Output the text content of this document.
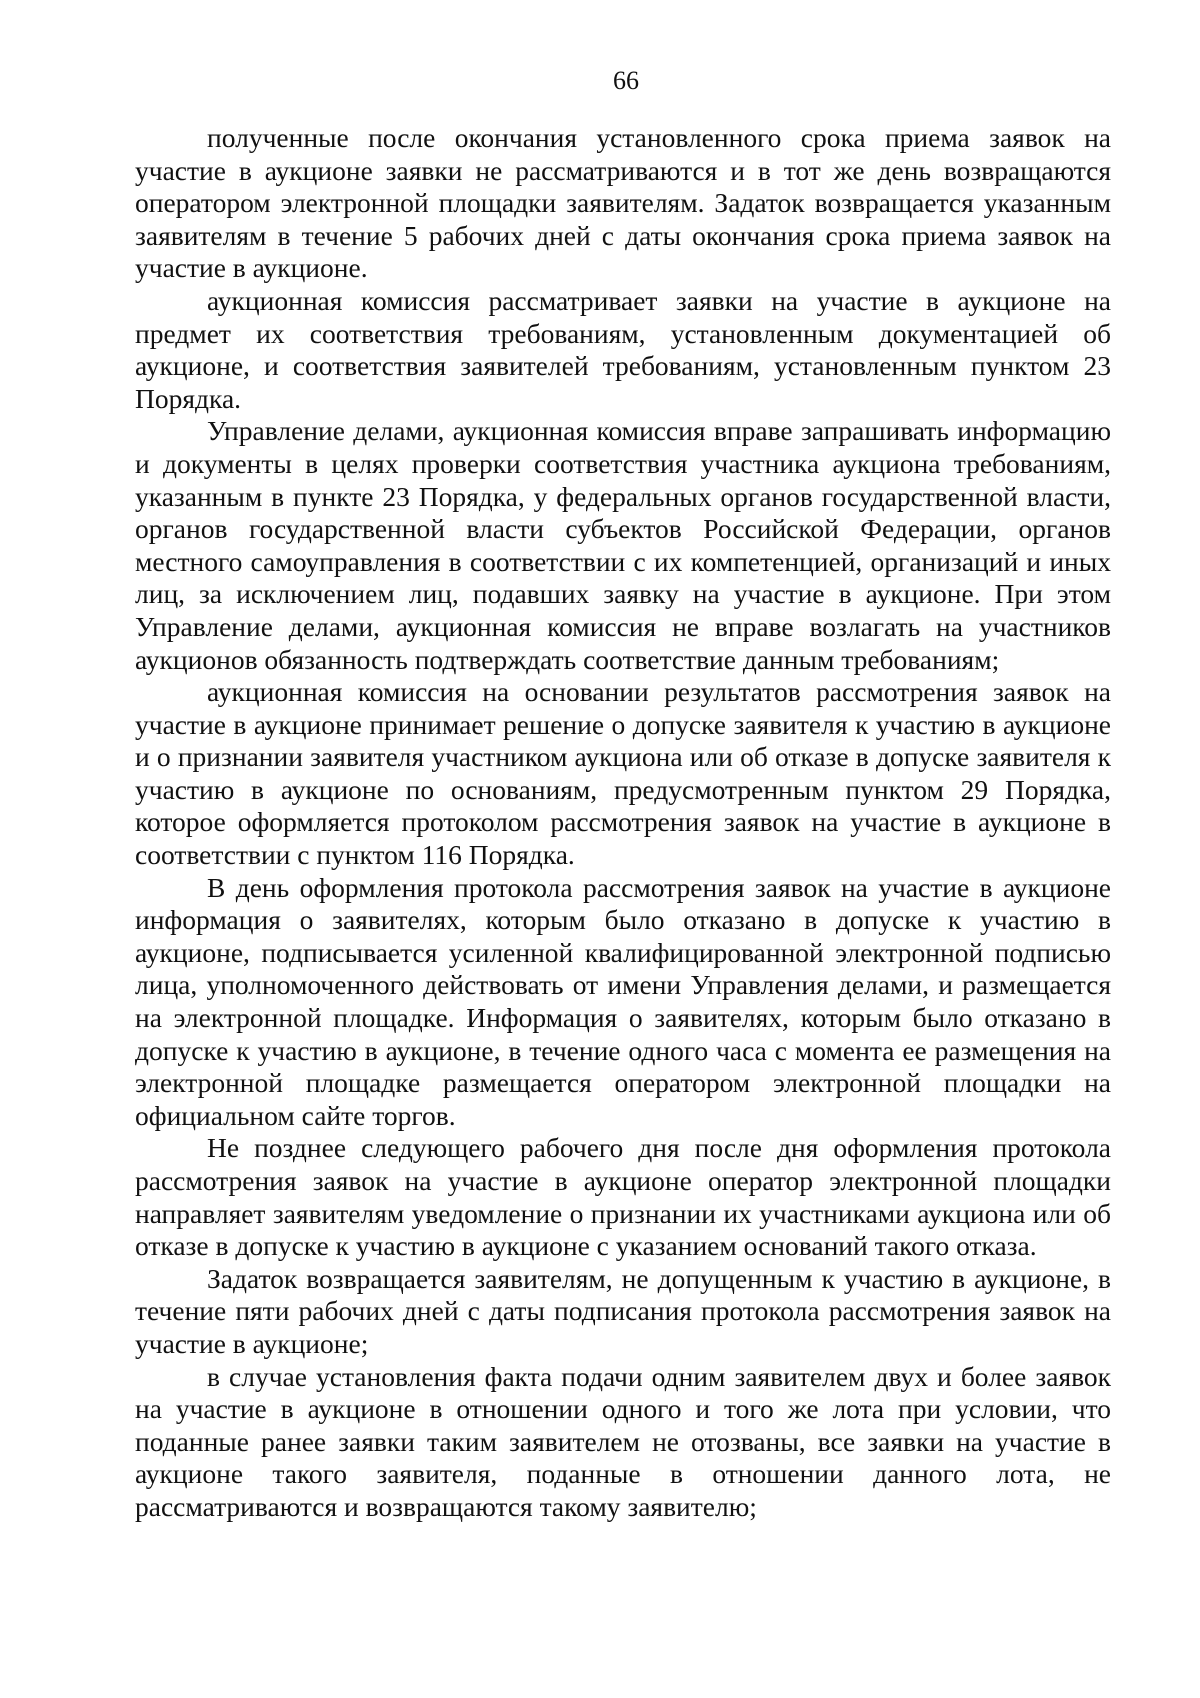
66

полученные после окончания установленного срока приема заявок на участие в аукционе заявки не рассматриваются и в тот же день возвращаются оператором электронной площадки заявителям. Задаток возвращается указанным заявителям в течение 5 рабочих дней с даты окончания срока приема заявок на участие в аукционе.

аукционная комиссия рассматривает заявки на участие в аукционе на предмет их соответствия требованиям, установленным документацией об аукционе, и соответствия заявителей требованиям, установленным пунктом 23 Порядка.

Управление делами, аукционная комиссия вправе запрашивать информацию и документы в целях проверки соответствия участника аукциона требованиям, указанным в пункте 23 Порядка, у федеральных органов государственной власти, органов государственной власти субъектов Российской Федерации, органов местного самоуправления в соответствии с их компетенцией, организаций и иных лиц, за исключением лиц, подавших заявку на участие в аукционе. При этом Управление делами, аукционная комиссия не вправе возлагать на участников аукционов обязанность подтверждать соответствие данным требованиям;

аукционная комиссия на основании результатов рассмотрения заявок на участие в аукционе принимает решение о допуске заявителя к участию в аукционе и о признании заявителя участником аукциона или об отказе в допуске заявителя к участию в аукционе по основаниям, предусмотренным пунктом 29 Порядка, которое оформляется протоколом рассмотрения заявок на участие в аукционе в соответствии с пунктом 116 Порядка.

В день оформления протокола рассмотрения заявок на участие в аукционе информация о заявителях, которым было отказано в допуске к участию в аукционе, подписывается усиленной квалифицированной электронной подписью лица, уполномоченного действовать от имени Управления делами, и размещается на электронной площадке. Информация о заявителях, которым было отказано в допуске к участию в аукционе, в течение одного часа с момента ее размещения на электронной площадке размещается оператором электронной площадки на официальном сайте торгов.

Не позднее следующего рабочего дня после дня оформления протокола рассмотрения заявок на участие в аукционе оператор электронной площадки направляет заявителям уведомление о признании их участниками аукциона или об отказе в допуске к участию в аукционе с указанием оснований такого отказа.

Задаток возвращается заявителям, не допущенным к участию в аукционе, в течение пяти рабочих дней с даты подписания протокола рассмотрения заявок на участие в аукционе;

в случае установления факта подачи одним заявителем двух и более заявок на участие в аукционе в отношении одного и того же лота при условии, что поданные ранее заявки таким заявителем не отозваны, все заявки на участие в аукционе такого заявителя, поданные в отношении данного лота, не рассматриваются и возвращаются такому заявителю;
